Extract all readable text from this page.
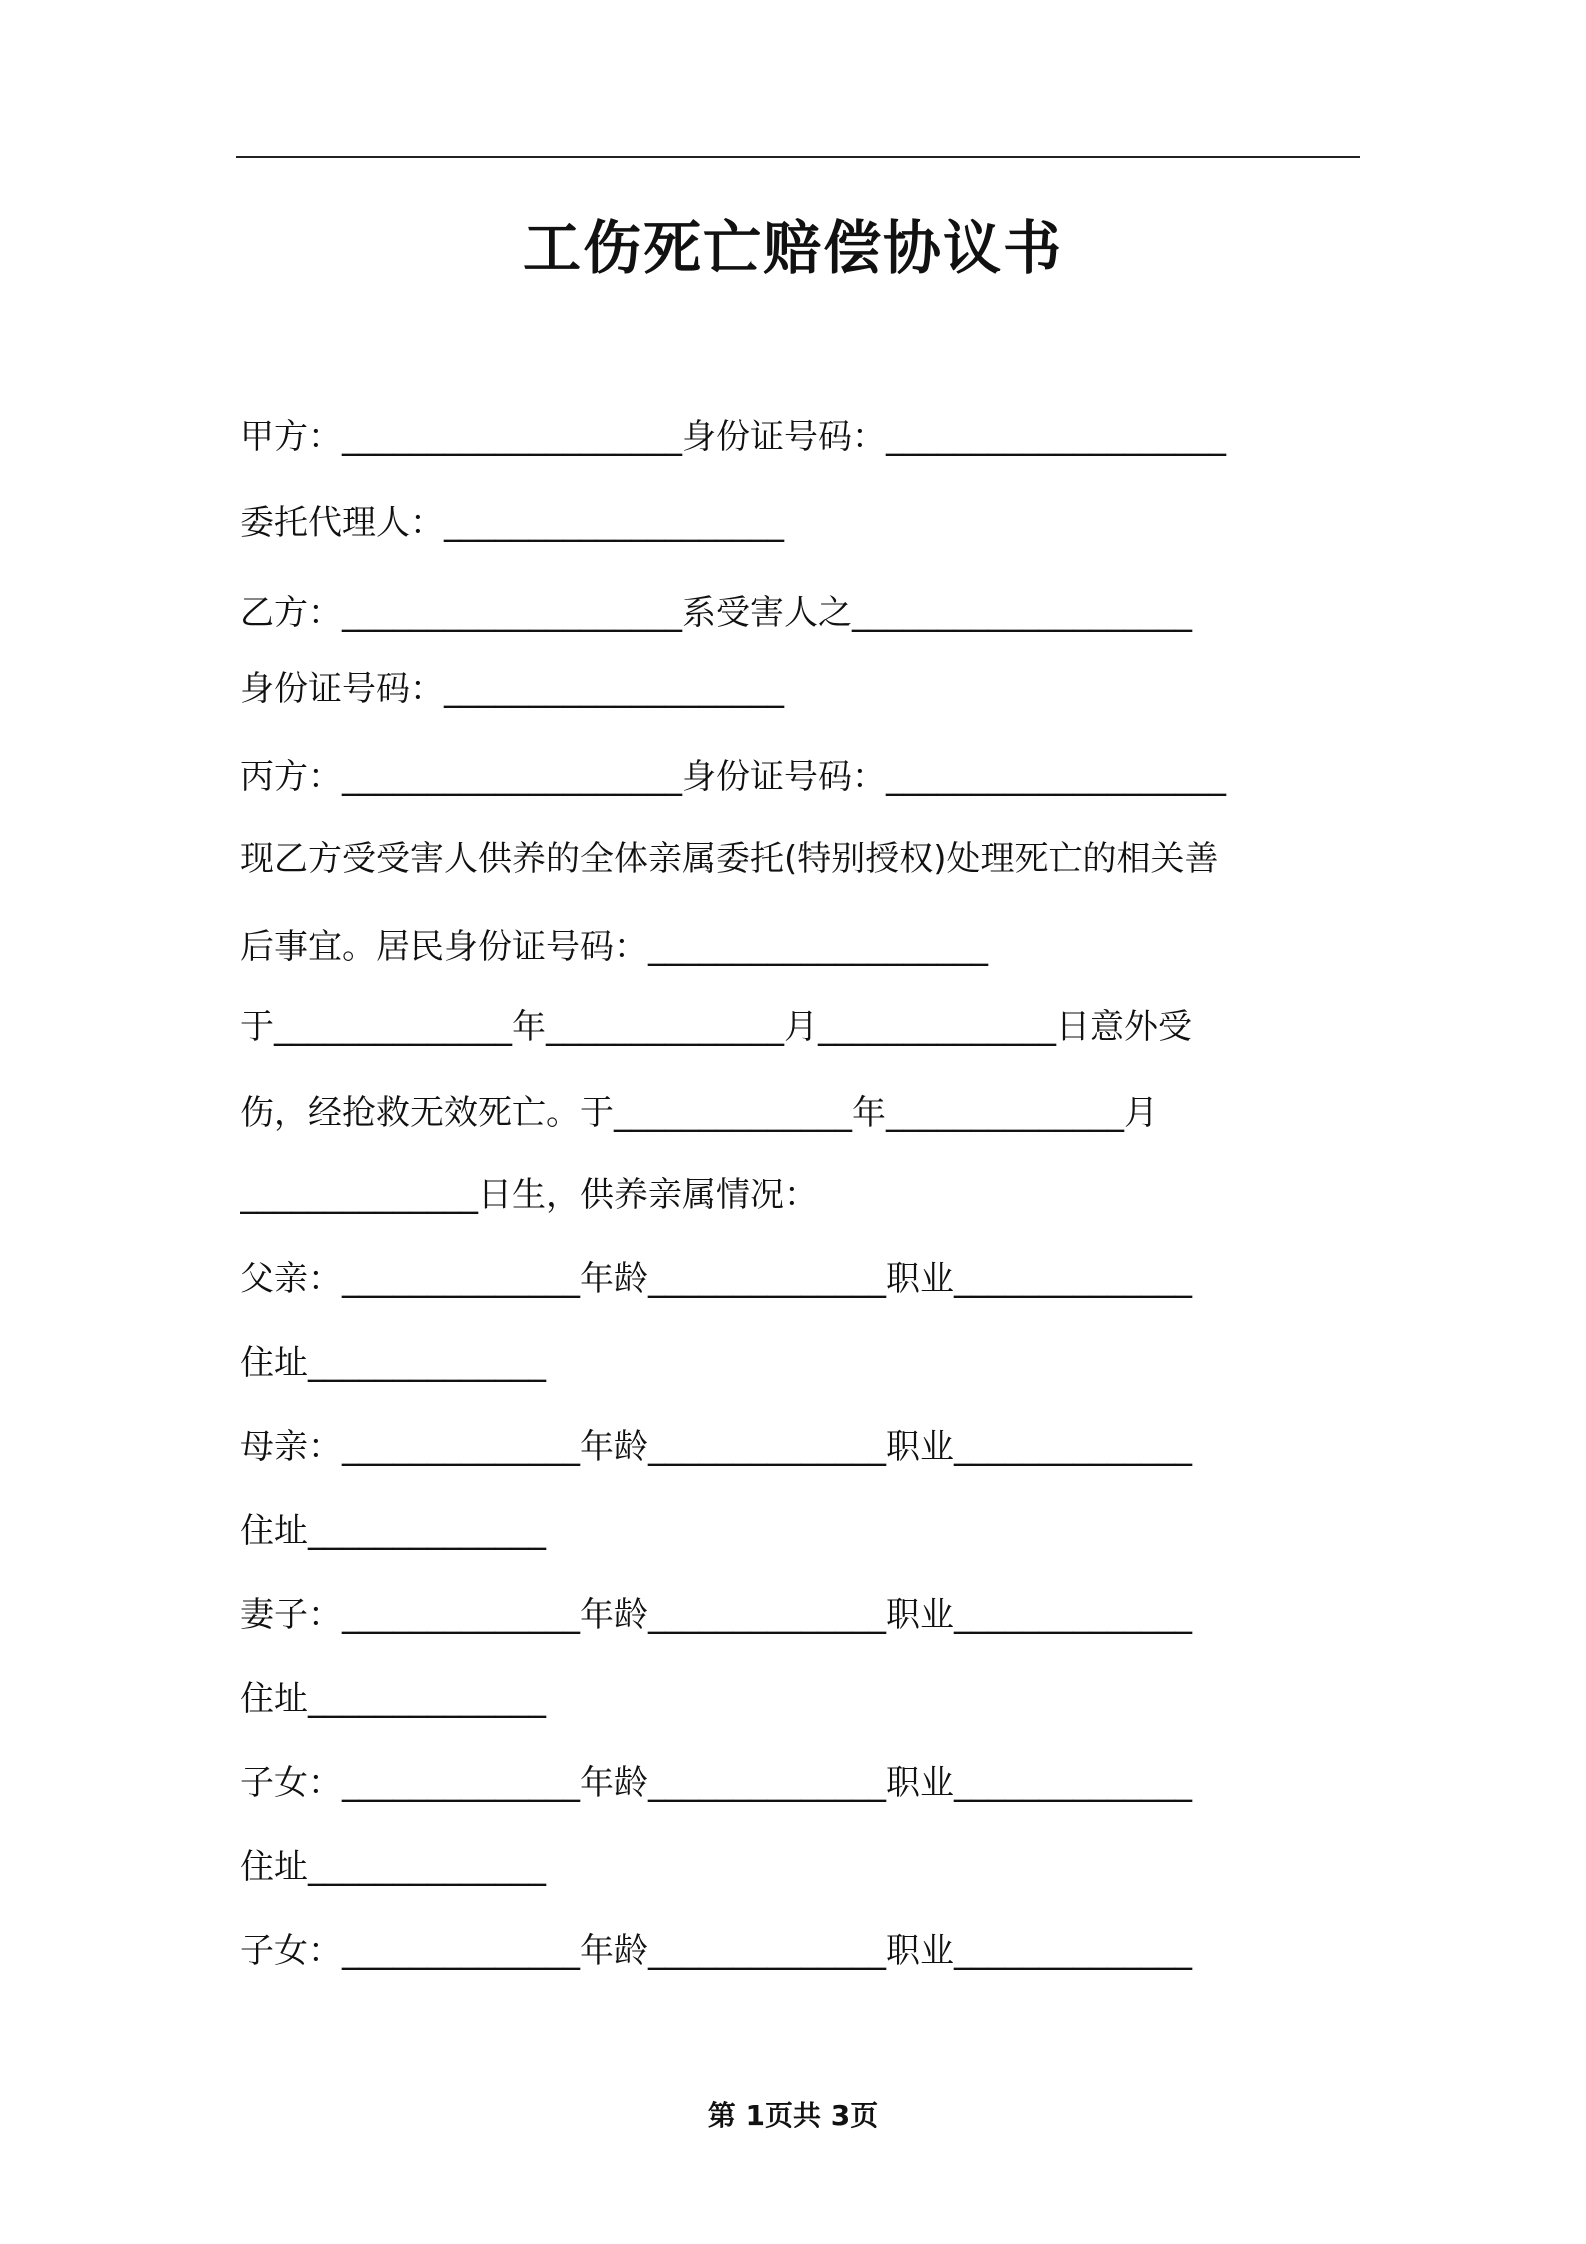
工伤死亡赔偿协议书
甲方：____________________身份证号码：____________________
委托代理人：____________________
乙方：____________________系受害人之____________________
身份证号码：____________________
丙方：____________________身份证号码：____________________
现乙方受受害人供养的全体亲属委托(特别授权)处理死亡的相关善
后事宜。居民身份证号码：____________________
于______________年______________月______________日意外受
伤，经抢救无效死亡。于______________年______________月
______________日生，供养亲属情况：
父亲：______________年龄______________职业______________
住址______________
母亲：______________年龄______________职业______________
住址______________
妻子：______________年龄______________职业______________
住址______________
子女：______________年龄______________职业______________
住址______________
子女：______________年龄______________职业______________
第 1页共 3页
